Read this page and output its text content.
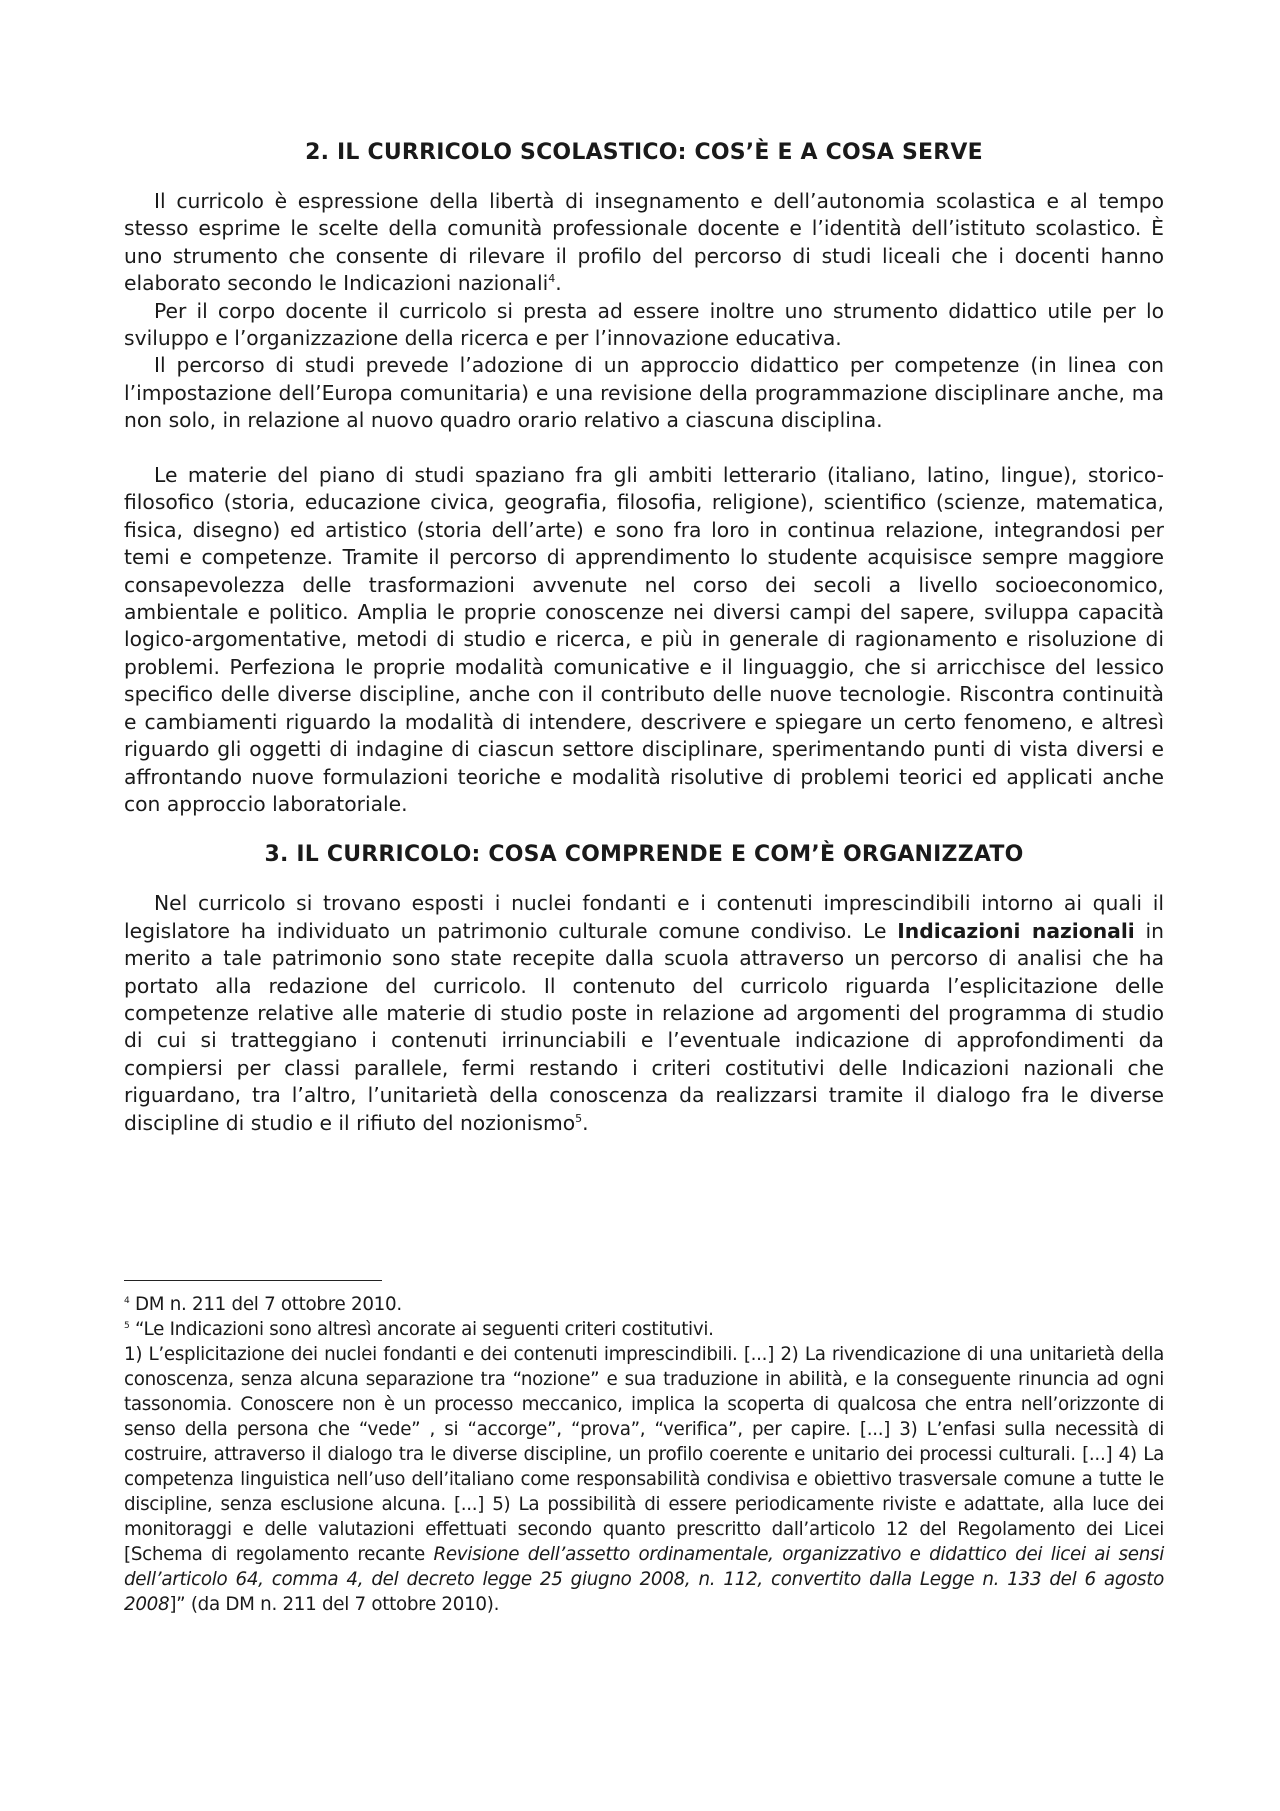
2. IL CURRICOLO SCOLASTICO: COS’È E A COSA SERVE

Il curricolo è espressione della libertà di insegnamento e dell’autonomia scolastica e al tempo stesso esprime le scelte della comunità professionale docente e l’identità dell’istituto scolastico. È uno strumento che consente di rilevare il profilo del percorso di studi liceali che i docenti hanno elaborato secondo le Indicazioni nazionali$^4$.

Per il corpo docente il curricolo si presta ad essere inoltre uno strumento didattico utile per lo sviluppo e l’organizzazione della ricerca e per l’innovazione educativa.

Il percorso di studi prevede l’adozione di un approccio didattico per competenze (in linea con l’impostazione dell’Europa comunitaria) e una revisione della programmazione disciplinare anche, ma non solo, in relazione al nuovo quadro orario relativo a ciascuna disciplina.

Le materie del piano di studi spaziano fra gli ambiti letterario (italiano, latino, lingue), storico-filosofico (storia, educazione civica, geografia, filosofia, religione), scientifico (scienze, matematica, fisica, disegno) ed artistico (storia dell’arte) e sono fra loro in continua relazione, integrandosi per temi e competenze. Tramite il percorso di apprendimento lo studente acquisisce sempre maggiore consapevolezza delle trasformazioni avvenute nel corso dei secoli a livello socioeconomico, ambientale e politico. Amplia le proprie conoscenze nei diversi campi del sapere, sviluppa capacità logico-argomentative, metodi di studio e ricerca, e più in generale di ragionamento e risoluzione di problemi. Perfeziona le proprie modalità comunicative e il linguaggio, che si arricchisce del lessico specifico delle diverse discipline, anche con il contributo delle nuove tecnologie. Riscontra continuità e cambiamenti riguardo la modalità di intendere, descrivere e spiegare un certo fenomeno, e altresì riguardo gli oggetti di indagine di ciascun settore disciplinare, sperimentando punti di vista diversi e affrontando nuove formulazioni teoriche e modalità risolutive di problemi teorici ed applicati anche con approccio laboratoriale.

3. IL CURRICOLO: COSA COMPRENDE E COM’È ORGANIZZATO

Nel curricolo si trovano esposti i nuclei fondanti e i contenuti imprescindibili intorno ai quali il legislatore ha individuato un patrimonio culturale comune condiviso. Le Indicazioni nazionali in merito a tale patrimonio sono state recepite dalla scuola attraverso un percorso di analisi che ha portato alla redazione del curricolo. Il contenuto del curricolo riguarda l’esplicitazione delle competenze relative alle materie di studio poste in relazione ad argomenti del programma di studio di cui si tratteggiano i contenuti irrinunciabili e l’eventuale indicazione di approfondimenti da compiersi per classi parallele, fermi restando i criteri costitutivi delle Indicazioni nazionali che riguardano, tra l’altro, l’unitarietà della conoscenza da realizzarsi tramite il dialogo fra le diverse discipline di studio e il rifiuto del nozionismo$^5$.

$^4$ DM n. 211 del 7 ottobre 2010.
$^5$ “Le Indicazioni sono altresì ancorate ai seguenti criteri costitutivi.
1) L’esplicitazione dei nuclei fondanti e dei contenuti imprescindibili. [...] 2) La rivendicazione di una unitarietà della conoscenza, senza alcuna separazione tra “nozione” e sua traduzione in abilità, e la conseguente rinuncia ad ogni tassonomia. Conoscere non è un processo meccanico, implica la scoperta di qualcosa che entra nell’orizzonte di senso della persona che “vede” , si “accorge”, “prova”, “verifica”, per capire. [...] 3) L’enfasi sulla necessità di costruire, attraverso il dialogo tra le diverse discipline, un profilo coerente e unitario dei processi culturali. [...] 4) La competenza linguistica nell’uso dell’italiano come responsabilità condivisa e obiettivo trasversale comune a tutte le discipline, senza esclusione alcuna. [...] 5) La possibilità di essere periodicamente riviste e adattate, alla luce dei monitoraggi e delle valutazioni effettuati secondo quanto prescritto dall’articolo 12 del Regolamento dei Licei [Schema di regolamento recante Revisione dell’assetto ordinamentale, organizzativo e didattico dei licei ai sensi dell’articolo 64, comma 4, del decreto legge 25 giugno 2008, n. 112, convertito dalla Legge n. 133 del 6 agosto 2008]” (da DM n. 211 del 7 ottobre 2010).
